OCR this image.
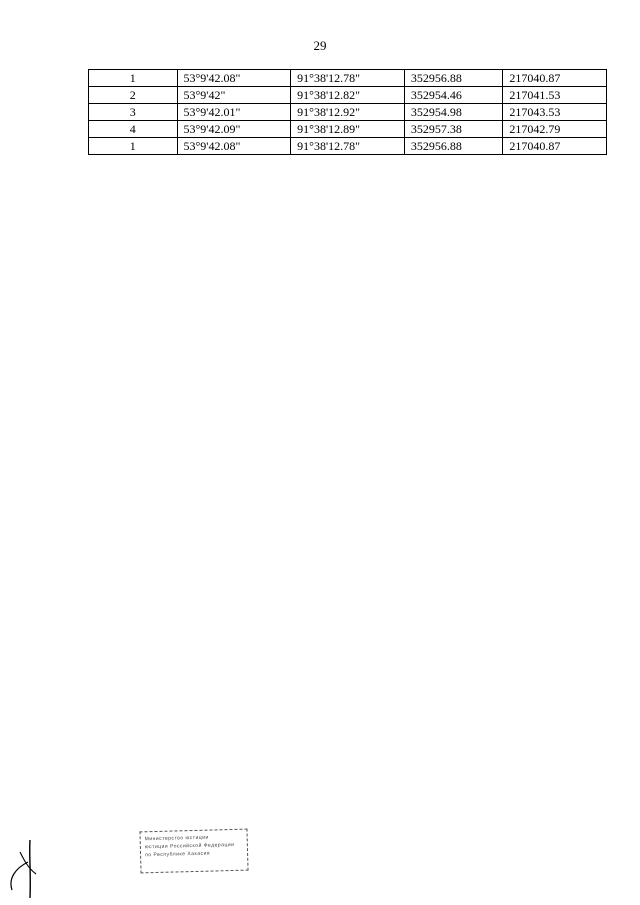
29
1	53°9'42.08"	91°38'12.78"	352956.88	217040.87
2	53°9'42"	91°38'12.82"	352954.46	217041.53
3	53°9'42.01"	91°38'12.92"	352954.98	217043.53
4	53°9'42.09"	91°38'12.89"	352957.38	217042.79
1	53°9'42.08"	91°38'12.78"	352956.88	217040.87
Министерство юстиции
юстиции Российской Федерации
по Республике Хакасия
